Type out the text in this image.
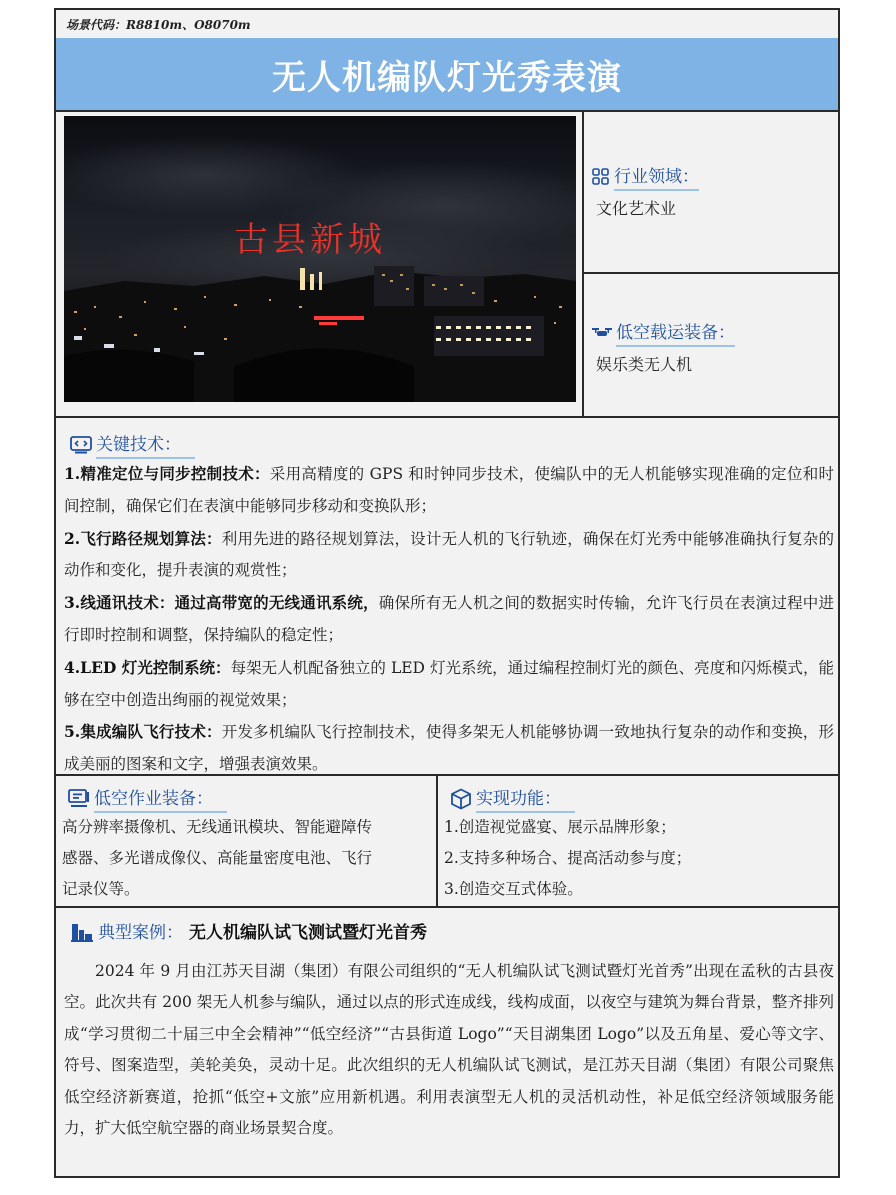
场景代码：R8810m、O8070m
无人机编队灯光秀表演
古县新城
行业领域：
文化艺术业
低空载运装备：
娱乐类无人机
关键技术：

1.精准定位与同步控制技术：采用高精度的 GPS 和时钟同步技术，使编队中的无人机能够实现准确的定位和时间控制，确保它们在表演中能够同步移动和变换队形；

2.飞行路径规划算法：利用先进的路径规划算法，设计无人机的飞行轨迹，确保在灯光秀中能够准确执行复杂的动作和变化，提升表演的观赏性；

3.线通讯技术：通过高带宽的无线通讯系统，确保所有无人机之间的数据实时传输，允许飞行员在表演过程中进行即时控制和调整，保持编队的稳定性；

4.LED 灯光控制系统：每架无人机配备独立的 LED 灯光系统，通过编程控制灯光的颜色、亮度和闪烁模式，能够在空中创造出绚丽的视觉效果；

5.集成编队飞行技术：开发多机编队飞行控制技术，使得多架无人机能够协调一致地执行复杂的动作和变换，形成美丽的图案和文字，增强表演效果。

低空作业装备：
高分辨率摄像机、无线通讯模块、智能避障传
感器、多光谱成像仪、高能量密度电池、飞行
记录仪等。
实现功能：
1.创造视觉盛宴、展示品牌形象；
2.支持多种场合、提高活动参与度；
3.创造交互式体验。
典型案例： 无人机编队试飞测试暨灯光首秀

2024 年 9 月由江苏天目湖（集团）有限公司组织的“无人机编队试飞测试暨灯光首秀”出现在孟秋的古县夜空。此次共有 200 架无人机参与编队，通过以点的形式连成线，线构成面，以夜空与建筑为舞台背景，整齐排列成“学习贯彻二十届三中全会精神”“低空经济”“古县街道 Logo”“天目湖集团 Logo”以及五角星、爱心等文字、符号、图案造型，美轮美奂，灵动十足。此次组织的无人机编队试飞测试，是江苏天目湖（集团）有限公司聚焦低空经济新赛道，抢抓“低空+文旅”应用新机遇。利用表演型无人机的灵活机动性，补足低空经济领域服务能力，扩大低空航空器的商业场景契合度。
